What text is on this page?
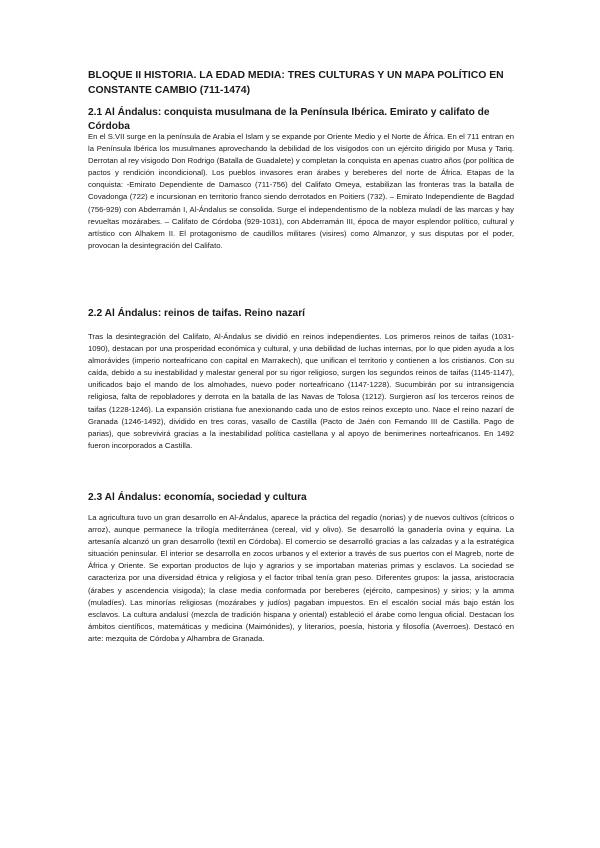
BLOQUE II HISTORIA. LA EDAD MEDIA: TRES CULTURAS Y UN MAPA POLÍTICO EN CONSTANTE CAMBIO (711-1474)
2.1 Al Ándalus: conquista musulmana de la Península Ibérica. Emirato y califato de Córdoba

En el S.VII surge en la península de Arabia el Islam y se expande por Oriente Medio y el Norte de África. En el 711 entran en la Península Ibérica los musulmanes aprovechando la debilidad de los visigodos con un ejército dirigido por Musa y Tariq. Derrotan al rey visigodo Don Rodrigo (Batalla de Guadalete) y completan la conquista en apenas cuatro años (por política de pactos y rendición incondicional). Los pueblos invasores eran árabes y bereberes del norte de África. Etapas de la conquista: -Emirato Dependiente de Damasco (711-756) del Califato Omeya, estabilizan las fronteras tras la batalla de Covadonga (722) e incursionan en territorio franco siendo derrotados en Poitiers (732). – Emirato Independiente de Bagdad (756-929) con Abderramán I, Al-Ándalus se consolida. Surge el independentismo de la nobleza muladí de las marcas y hay revueltas mozárabes. – Califato de Córdoba (929-1031), con Abderramán III, época de mayor esplendor político, cultural y artístico con Alhakem II. El protagonismo de caudillos militares (visires) como Almanzor, y sus disputas por el poder, provocan la desintegración del Califato.

2.2 Al Ándalus: reinos de taifas. Reino nazarí

Tras la desintegración del Califato, Al-Ándalus se dividió en reinos independientes. Los primeros reinos de taifas (1031-1090), destacan por una prosperidad económica y cultural, y una debilidad de luchas internas, por lo que piden ayuda a los almorávides (imperio norteafricano con capital en Marrakech), que unifican el territorio y contienen a los cristianos. Con su caída, debido a su inestabilidad y malestar general por su rigor religioso, surgen los segundos reinos de taifas (1145-1147), unificados bajo el mando de los almohades, nuevo poder norteafricano (1147-1228). Sucumbirán por su intransigencia religiosa, falta de repobladores y derrota en la batalla de las Navas de Tolosa (1212). Surgieron así los terceros reinos de taifas (1228-1246). La expansión cristiana fue anexionando cada uno de estos reinos excepto uno. Nace el reino nazarí de Granada (1246-1492), dividido en tres coras, vasallo de Castilla (Pacto de Jaén con Fernando III de Castilla. Pago de parias), que sobrevivirá gracias a la inestabilidad política castellana y al apoyo de benimerines norteafricanos. En 1492 fueron incorporados a Castilla.

2.3 Al Ándalus: economía, sociedad y cultura

La agricultura tuvo un gran desarrollo en Al-Ándalus, aparece la práctica del regadío (norias) y de nuevos cultivos (cítricos o arroz), aunque permanece la trilogía mediterránea (cereal, vid y olivo). Se desarrolló la ganadería ovina y equina. La artesanía alcanzó un gran desarrollo (textil en Córdoba). El comercio se desarrolló gracias a las calzadas y a la estratégica situación peninsular. El interior se desarrolla en zocos urbanos y el exterior a través de sus puertos con el Magreb, norte de África y Oriente. Se exportan productos de lujo y agrarios y se importaban materias primas y esclavos. La sociedad se caracteriza por una diversidad étnica y religiosa y el factor tribal tenía gran peso. Diferentes grupos: la jassa, aristocracia (árabes y ascendencia visigoda); la clase media conformada por bereberes (ejército, campesinos) y sirios; y la amma (muladíes). Las minorías religiosas (mozárabes y judíos) pagaban impuestos. En el escalón social más bajo están los esclavos. La cultura andalusí (mezcla de tradición hispana y oriental) estableció el árabe como lengua oficial. Destacan los ámbitos científicos, matemáticas y medicina (Maimónides), y literarios, poesía, historia y filosofía (Averroes). Destacó en arte: mezquita de Córdoba y Alhambra de Granada.
